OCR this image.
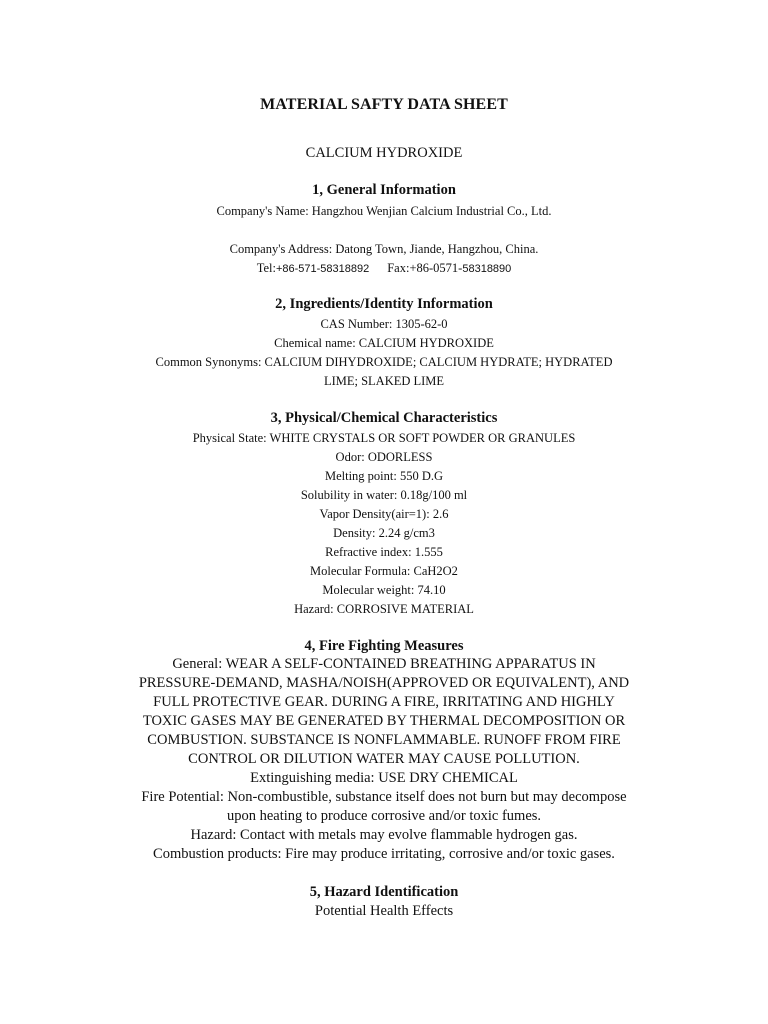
MATERIAL SAFTY DATA SHEET
CALCIUM HYDROXIDE
1, General Information
Company's Name: Hangzhou Wenjian Calcium Industrial Co., Ltd.
Company's Address: Datong Town, Jiande, Hangzhou, China.
Tel:+86-571-58318892 Fax:+86-0571-58318890
2, Ingredients/Identity Information
CAS Number: 1305-62-0
Chemical name: CALCIUM HYDROXIDE
Common Synonyms: CALCIUM DIHYDROXIDE; CALCIUM HYDRATE; HYDRATED
LIME; SLAKED LIME
3, Physical/Chemical Characteristics
Physical State: WHITE CRYSTALS OR SOFT POWDER OR GRANULES
Odor: ODORLESS
Melting point: 550 D.G
Solubility in water: 0.18g/100 ml
Vapor Density(air=1): 2.6
Density: 2.24 g/cm3
Refractive index: 1.555
Molecular Formula: CaH2O2
Molecular weight: 74.10
Hazard: CORROSIVE MATERIAL
4, Fire Fighting Measures
General: WEAR A SELF-CONTAINED BREATHING APPARATUS IN
PRESSURE-DEMAND, MASHA/NOISH(APPROVED OR EQUIVALENT), AND
FULL PROTECTIVE GEAR. DURING A FIRE, IRRITATING AND HIGHLY
TOXIC GASES MAY BE GENERATED BY THERMAL DECOMPOSITION OR
COMBUSTION. SUBSTANCE IS NONFLAMMABLE. RUNOFF FROM FIRE
CONTROL OR DILUTION WATER MAY CAUSE POLLUTION.
Extinguishing media: USE DRY CHEMICAL
Fire Potential: Non-combustible, substance itself does not burn but may decompose
upon heating to produce corrosive and/or toxic fumes.
Hazard: Contact with metals may evolve flammable hydrogen gas.
Combustion products: Fire may produce irritating, corrosive and/or toxic gases.
5, Hazard Identification
Potential Health Effects
